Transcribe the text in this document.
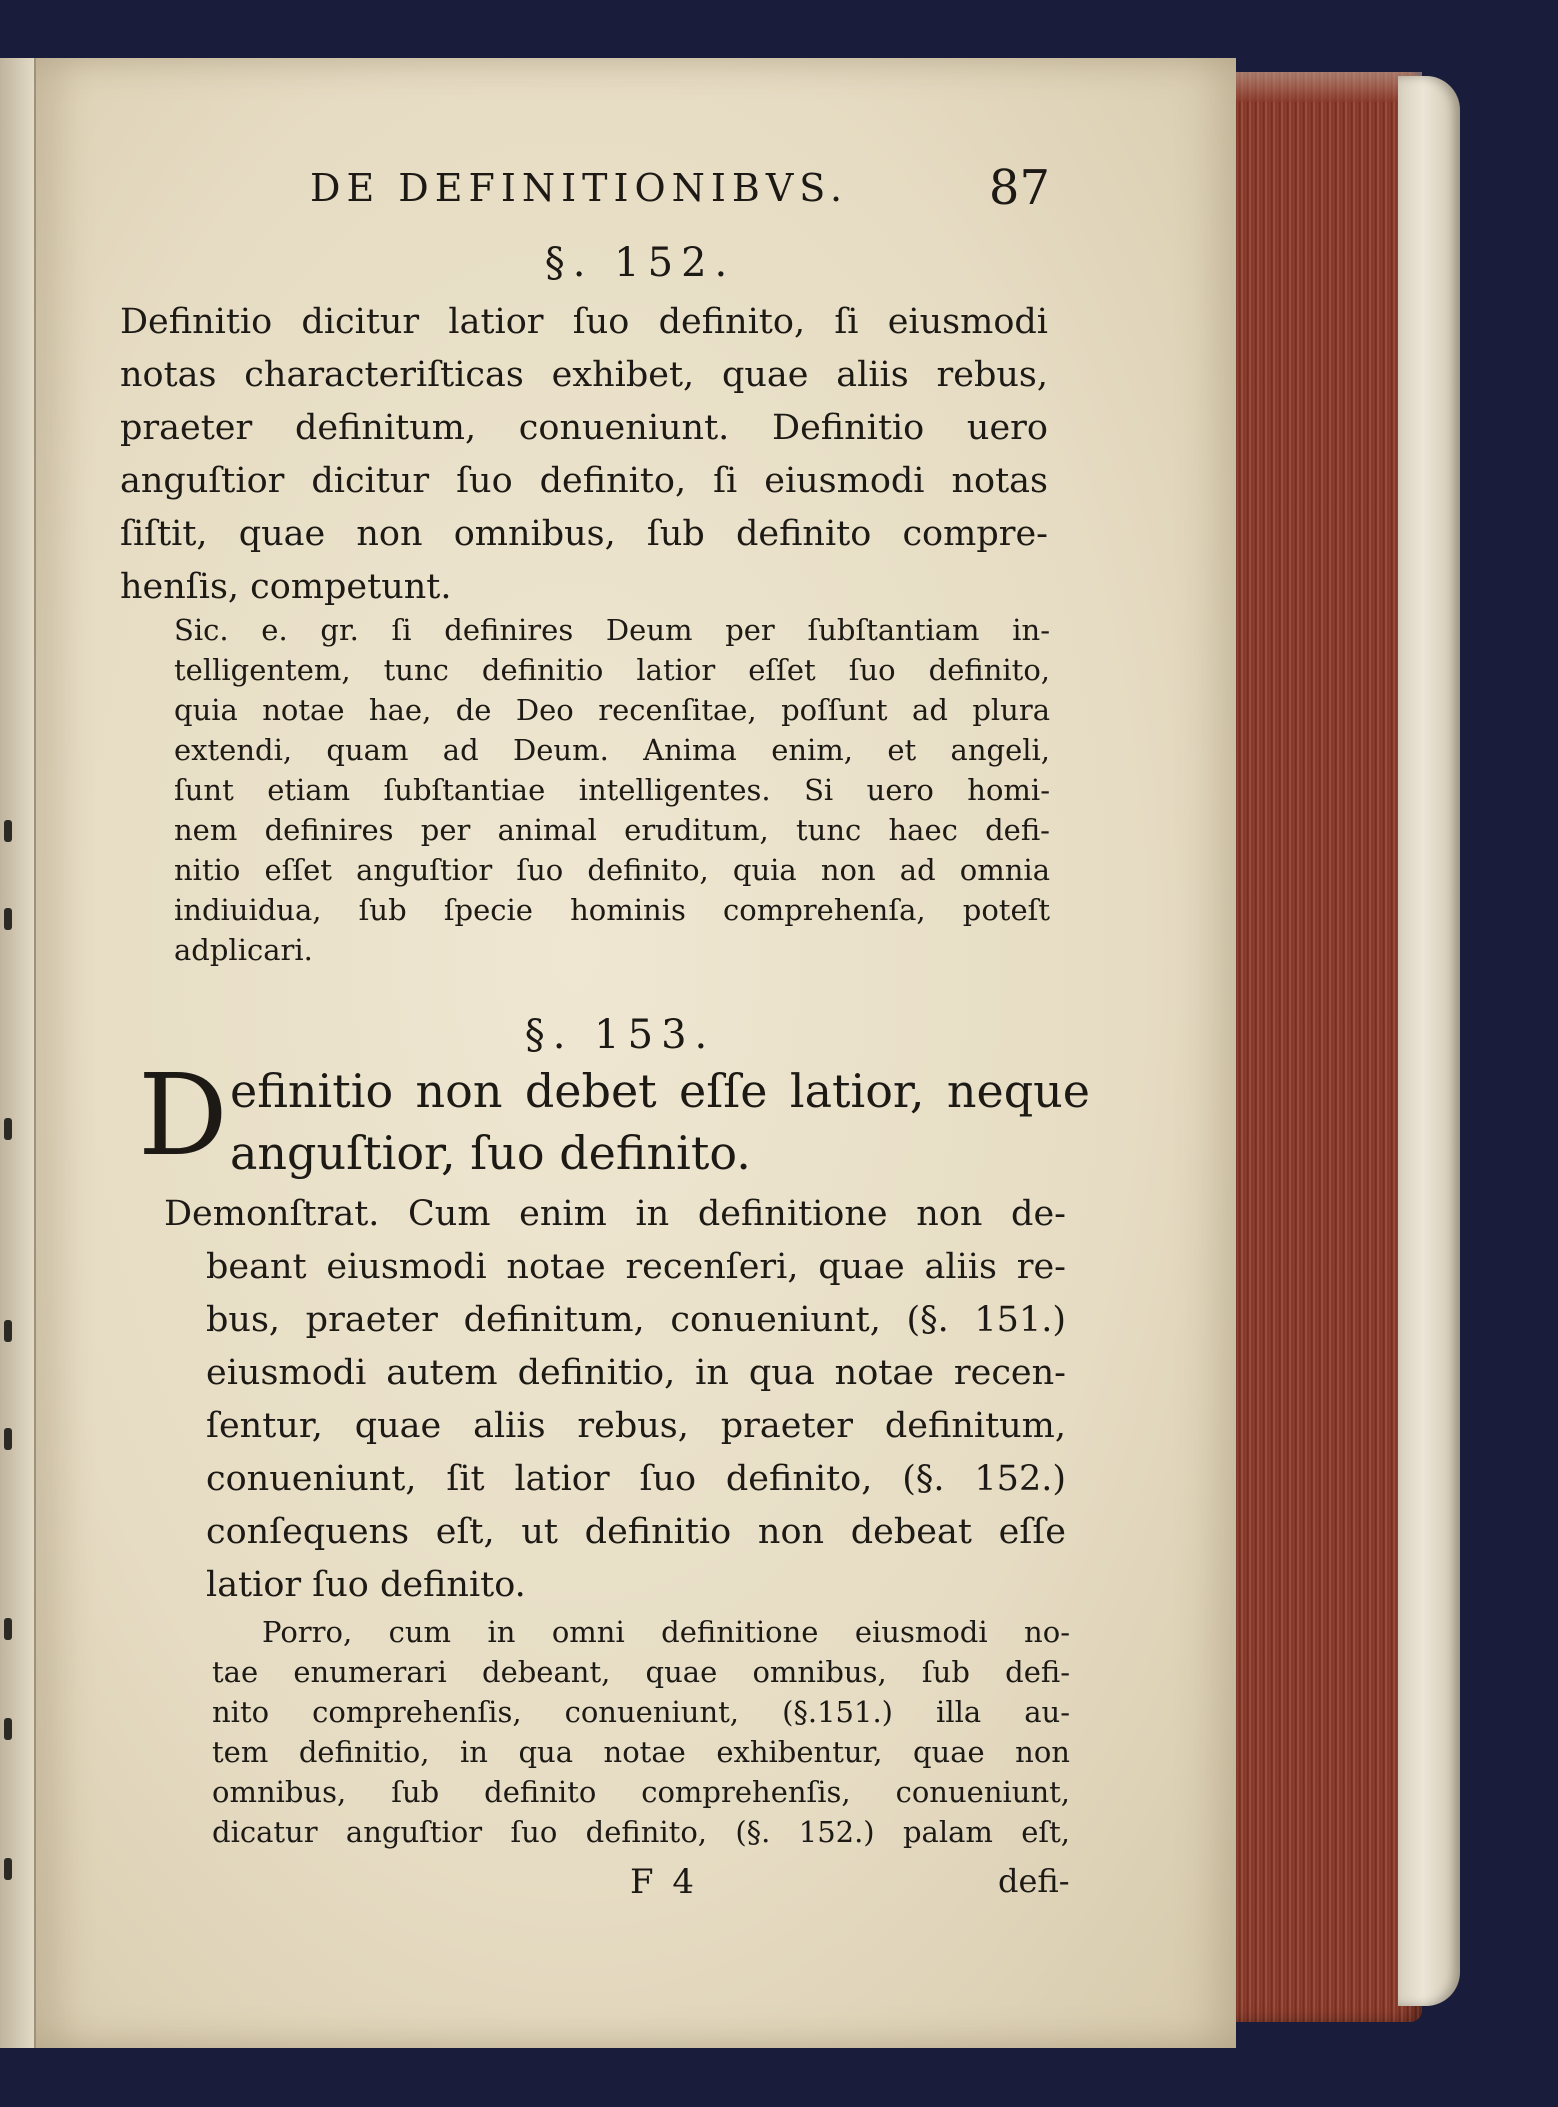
DE DEFINITIONIBVS.	87
§. 152.
Definitio dicitur latior ſuo definito, ſi eiusmodi
notas characteriſticas exhibet, quae aliis rebus,
praeter definitum, conueniunt. Definitio uero
anguſtior dicitur ſuo definito, ſi eiusmodi notas
ſiſtit, quae non omnibus, ſub definito compre-
henſis, competunt.
Sic. e. gr. ſi definires Deum per ſubſtantiam in-
telligentem, tunc definitio latior eſſet ſuo definito,
quia notae hae, de Deo recenſitae, poſſunt ad plura
extendi, quam ad Deum. Anima enim, et angeli,
ſunt etiam ſubſtantiae intelligentes. Si uero homi-
nem definires per animal eruditum, tunc haec defi-
nitio eſſet anguſtior ſuo definito, quia non ad omnia
indiuidua, ſub ſpecie hominis comprehenſa, poteſt
adplicari.
§. 153.
D efinitio non debet eſſe latior, neque
anguſtior, ſuo definito.
Demonſtrat. Cum enim in definitione non de-
beant eiusmodi notae recenſeri, quae aliis re-
bus, praeter definitum, conueniunt, (§. 151.)
eiusmodi autem definitio, in qua notae recen-
ſentur, quae aliis rebus, praeter definitum,
conueniunt, ſit latior ſuo definito, (§. 152.)
conſequens eſt, ut definitio non debeat eſſe
latior ſuo definito.
Porro, cum in omni definitione eiusmodi no-
tae enumerari debeant, quae omnibus, ſub defi-
nito comprehenſis, conueniunt, (§.151.) illa au-
tem definitio, in qua notae exhibentur, quae non
omnibus, ſub definito comprehenſis, conueniunt,
dicatur anguſtior ſuo definito, (§. 152.) palam eſt,
F 4	defi-
